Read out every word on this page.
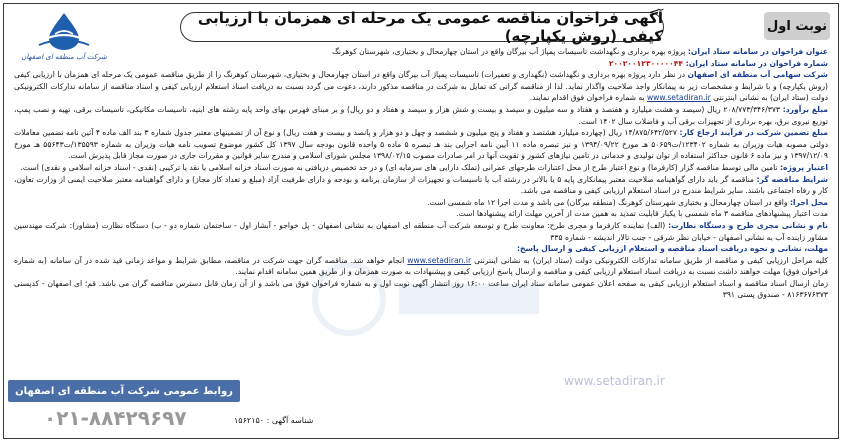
شرکت آب منطقه ای اصفهان
آگهی فراخوان مناقصه عمومی یک مرحله ای همزمان با ارزیابی کیفی (روش یکپارچه)
نوبت اول

عنوان فراخوان در سامانه ستاد ایران: پروژه بهره برداری و نگهداشت تاسیسات پمپاژ آب بیرگان واقع در استان چهارمحال و بختیاری، شهرستان کوهرنگ

شماره فراخوان در سامانه ستاد ایران: ۲۰۰۲۰۰۱۲۳۰۰۰۰۰۴۴

شرکت سهامی آب منطقه ای اصفهان در نظر دارد پروژه بهره برداری و نگهداشت (نگهداری و تعمیرات) تاسیسات پمپاژ آب بیرگان واقع در استان چهارمحال و بختیاری، شهرستان کوهرنگ را از طریق مناقصه عمومی یک مرحله ای همزمان با ارزیابی کیفی (روش یکپارچه) و با شرایط و مشخصات زیر به پیمانکار واجد صلاحیت واگذار نماید. لذا از مناقصه گرانی که تمایل به شرکت در مناقصه مذکور دارند، دعوت می گردد نسبت به دریافت اسناد استعلام ارزیابی کیفی و اسناد مناقصه از سامانه تدارکات الکترونیکی دولت (ستاد ایران) به نشانی اینترنتی www.setadiran.ir به شماره فراخوان فوق اقدام نمایند.

مبلغ برآورد: ۲۰۸/۷۷۳/۳۴۶/۳۷۳ ریال (سیصد و هشت میلیارد و هفتصد و هفتاد و سه میلیون و سیصد و بیست و شش هزار و سیصد و هفتاد و دو ریال) و بر مبنای فهرس بهای واحد پایه رشته های ابنیه، تاسیسات مکانیکی، تاسیسات برقی، تهیه و نصب پمپ، توزیع نیروی برق، بهره برداری از تجهیزات برقی آب و فاضلاب سال ۱۴۰۲ است.

مبلغ تضمین شرکت در فرآیند ارجاع کار: ۱۴/۸۷۵/۶۴۲/۵۲۷ ریال (چهارده میلیارد هشتصد و هفتاد و پنج میلیون و ششصد و چهل و دو هزار و پانصد و بیست و هفت ریال) و نوع آن از تضمینهای معتبر جدول شماره ۳ بند الف ماده ۴ آئین نامه تضمین معاملات دولتی مصوبه هیات وزیران به شماره ۱۲۳۴۰۲/ت۵۰۶۵۹ هـ مورخ ۱۳۹۴/۰۹/۲۲ و نیز تبصره ماده ۱۱ آیین نامه اجرایی بند هـ تبصره ۵ ماده ۵ واحده قانون بودجه سال ۱۳۹۷ کل کشور موضوع تصویب نامه هیات وزیران به شماره ۱۳۵۵۹۳/ت۵۵۶۴۳ هـ مورخ ۱۳۹۷/۱۲/۰۹ و نیز ماده ۶ قانون حداکثر استفاده از توان تولیدی و خدماتی در تامین نیازهای کشور و تقویت آنها در امر صادرات مصوب ۱۳۹۸/۰۲/۱۵ مجلس شورای اسلامی و مندرج سایر قوانین و مقررات جاری در صورت مجاز قابل پذیرش است.

اعتبار پروژه: تامین مالی توسط مناقصه گزار (کارفرما) و نوع اعتبار طرح از محل اعتبارات طرحهای عمرانی (تملک دارایی های سرمایه ای) و در حد تخصیص دریافتی به صورت اسناد خزانه اسلامی یا نقد یا ترکیبی (نقدی - اسناد خزانه اسلامی و نقدی) است.

شرایط مناقصه گر: مناقصه گر باید دارای گواهینامه صلاحیت معتبر پیمانکاری پایه ۵ یا بالاتر در رشته آب یا تاسیسات و تجهیزات از سازمان برنامه و بودجه و دارای ظرفیت آزاد (مبلغ و تعداد کار مجاز) و دارای گواهینامه معتبر صلاحیت ایمنی از وزارت تعاون، کار و رفاه اجتماعی باشند. سایر شرایط مندرج در اسناد استعلام ارزیابی کیفی و مناقصه می باشد.

محل اجرا: واقع در استان چهارمحال و بختیاری شهرستان کوهرنگ (منطقه بیرگان) می باشد و مدت اجرا ۱۲ ماه شمسی است.

مدت اعتبار پیشنهادهای مناقصه ۳ ماه شمسی با یکبار قابلیت تمدید به همین مدت از آخرین مهلت ارائه پیشنهادها است.

نام و نشانی مجری طرح و دستگاه نظارت: (الف) نماینده کارفرما و مجری طرح: معاونت طرح و توسعه شرکت آب منطقه ای اصفهان به نشانی اصفهان - پل خواجو - آبشار اول - ساختمان شماره دو - ب) دستگاه نظارت (مشاور): شرکت مهندسین مشاور زاینده آب به نشانی اصفهان - خیابان نظر شرقی - جنب تالار اندیشه - شماره ۳۳۵

مهلت، نشانی و نحوه دریافت اسناد مناقصه و استعلام ارزیابی کیفی و ارسال پاسخ:

کلیه مراحل ارزیابی کیفی و مناقصه از طریق سامانه تدارکات الکترونیکی دولت (ستاد ایران) به نشانی اینترنتی www.setadiran.ir انجام خواهد شد. مناقصه گران جهت شرکت در مناقصه، مطابق شرایط و مواعد زمانی قید شده در آن سامانه (به شماره فراخوان فوق) مهلت خواهند داشت نسبت به دریافت اسناد استعلام ارزیابی کیفی و مناقصه و ارسال پاسخ ارزیابی کیفی و پیشنهادات به صورت همزمان و از طریق همین سامانه اقدام نمایند.

زمان ارسال اسناد مناقصه و اسناد استعلام ارزیابی کیفی به صفحه اعلان عمومی سامانه ستاد ایران ساعت ۱۶:۰۰ روز انتشار آگهی نوبت اول و به شماره فراخوان فوق می باشد و از آن زمان قابل دسترس مناقصه گران می باشد. قم؛ ای اصفهان - کدپستی ۸۱۶۳۶۷۶۳۷۳ - صندوق پستی ۳۹۱

www.setadiran.ir
روابط عمومی شرکت آب منطقه ای اصفهان
۰۲۱-۸۸۴۲۹۶۹۷	شناسه آگهی : ۱۵۶۲۱۵۰
